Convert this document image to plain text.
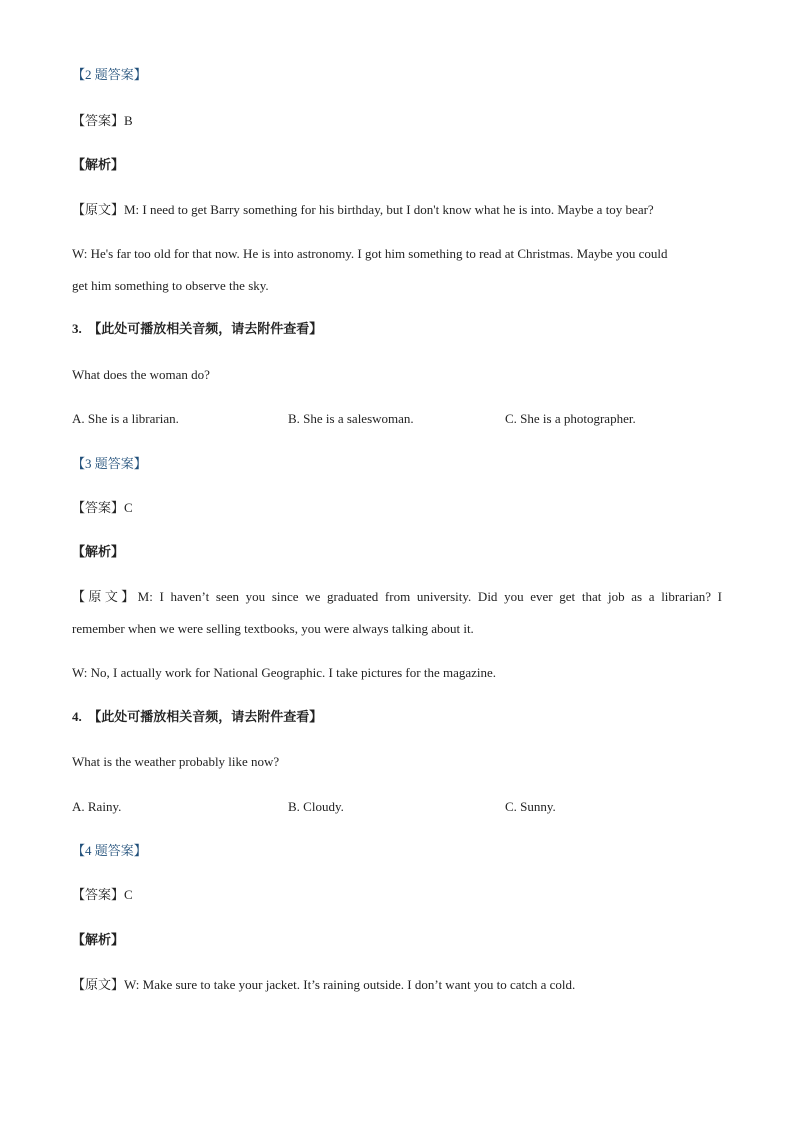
【2 题答案】
【答案】B
【解析】
【原文】M: I need to get Barry something for his birthday, but I don't know what he is into. Maybe a toy bear?
W: He's far too old for that now. He is into astronomy. I got him something to read at Christmas. Maybe you could
get him something to observe the sky.
3.　【此处可播放相关音频，请去附件查看】
What does the woman do?
A. She is a librarian.	B. She is a saleswoman.	C. She is a photographer.
【3 题答案】
【答案】C
【解析】
【原文】M: I haven’t seen you since we graduated from university. Did you ever get that job as a librarian? I
remember when we were selling textbooks, you were always talking about it.
W: No, I actually work for National Geographic. I take pictures for the magazine.
4.　【此处可播放相关音频，请去附件查看】
What is the weather probably like now?
A. Rainy.	B. Cloudy.	C. Sunny.
【4 题答案】
【答案】C
【解析】
【原文】W: Make sure to take your jacket. It’s raining outside. I don’t want you to catch a cold.
